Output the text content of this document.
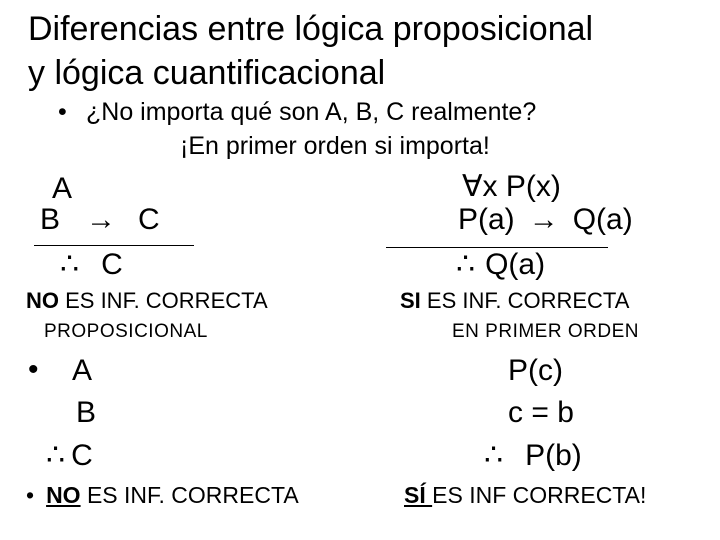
Diferencias entre lógica proposicional
y lógica cuantificacional
• ¿No importa qué son A, B, C realmente?
¡En primer orden si importa!
A
B → C
∴ C
∀x P(x)
P(a) → Q(a)
∴ Q(a)
NO ES INF. CORRECTA
PROPOSICIONAL
SI ES INF. CORRECTA
EN PRIMER ORDEN
• A
B
∴ C
P(c)
c = b
∴ P(b)
• NO ES INF. CORRECTA	SÍ ES INF CORRECTA!
